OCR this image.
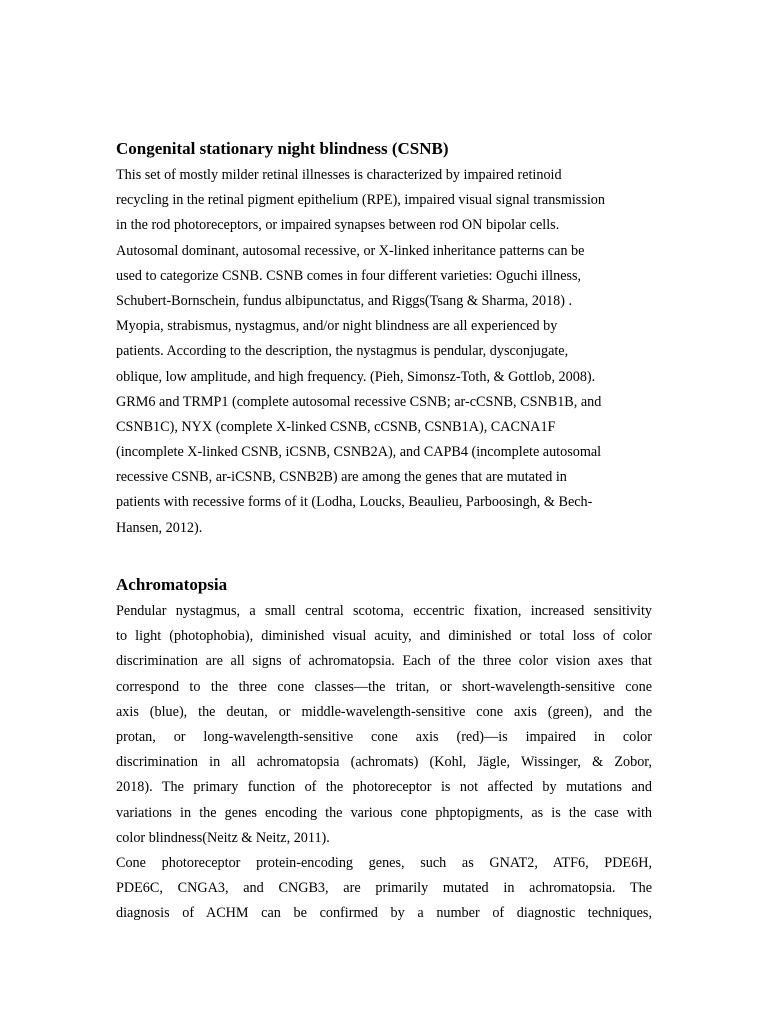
Congenital stationary night blindness (CSNB)
This set of mostly milder retinal illnesses is characterized by impaired retinoid
recycling in the retinal pigment epithelium (RPE), impaired visual signal transmission
in the rod photoreceptors, or impaired synapses between rod ON bipolar cells.
Autosomal dominant, autosomal recessive, or X-linked inheritance patterns can be
used to categorize CSNB. CSNB comes in four different varieties: Oguchi illness,
Schubert-Bornschein, fundus albipunctatus, and Riggs(Tsang & Sharma, 2018) .
Myopia, strabismus, nystagmus, and/or night blindness are all experienced by
patients. According to the description, the nystagmus is pendular, dysconjugate,
oblique, low amplitude, and high frequency. (Pieh, Simonsz-Toth, & Gottlob, 2008).
GRM6 and TRMP1 (complete autosomal recessive CSNB; ar-cCSNB, CSNB1B, and
CSNB1C), NYX (complete X-linked CSNB, cCSNB, CSNB1A), CACNA1F
(incomplete X-linked CSNB, iCSNB, CSNB2A), and CAPB4 (incomplete autosomal
recessive CSNB, ar-iCSNB, CSNB2B) are among the genes that are mutated in
patients with recessive forms of it (Lodha, Loucks, Beaulieu, Parboosingh, & Bech-
Hansen, 2012).
Achromatopsia
Pendular nystagmus, a small central scotoma, eccentric fixation, increased sensitivity
to light (photophobia), diminished visual acuity, and diminished or total loss of color
discrimination are all signs of achromatopsia. Each of the three color vision axes that
correspond to the three cone classes—the tritan, or short-wavelength-sensitive cone
axis (blue), the deutan, or middle-wavelength-sensitive cone axis (green), and the
protan, or long-wavelength-sensitive cone axis (red)—is impaired in color
discrimination in all achromatopsia (achromats) (Kohl, Jägle, Wissinger, & Zobor,
2018). The primary function of the photoreceptor is not affected by mutations and
variations in the genes encoding the various cone phptopigments, as is the case with
color blindness(Neitz & Neitz, 2011).
Cone photoreceptor protein-encoding genes, such as GNAT2, ATF6, PDE6H,
PDE6C, CNGA3, and CNGB3, are primarily mutated in achromatopsia. The
diagnosis of ACHM can be confirmed by a number of diagnostic techniques,
